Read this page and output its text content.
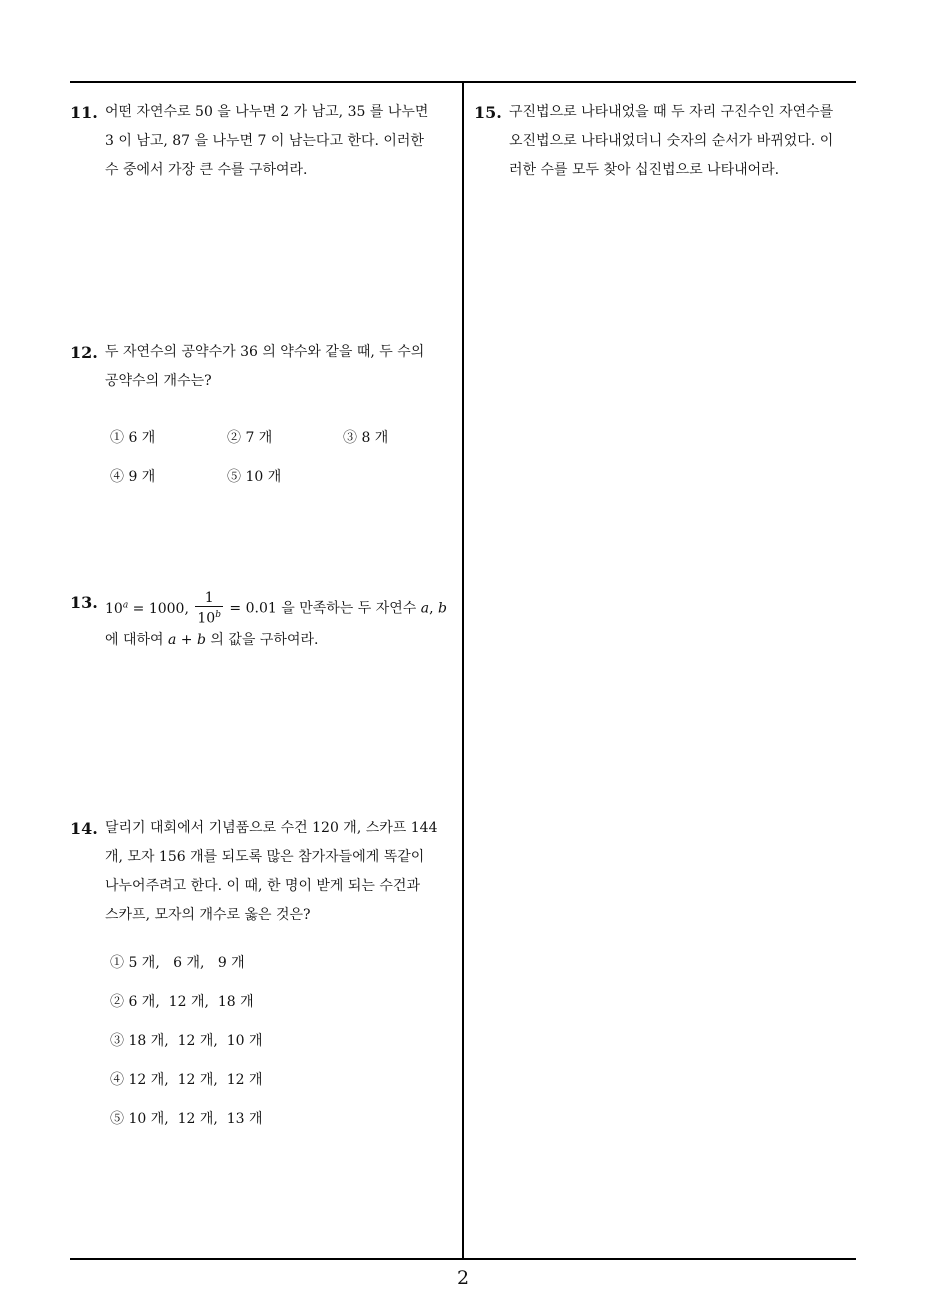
11. 어떤 자연수로 50 을 나누면 2 가 남고, 35 를 나누면
3 이 남고, 87 을 나누면 7 이 남는다고 한다. 이러한
수 중에서 가장 큰 수를 구하여라.
12. 두 자연수의 공약수가 36 의 약수와 같을 때, 두 수의
공약수의 개수는?
① 6 개	② 7 개	③ 8 개
④ 9 개	⑤ 10 개
13. $10^a = 1000$, $\frac{1}{10^b} = 0.01$ 을 만족하는 두 자연수 a, b
에 대하여 a + b 의 값을 구하여라.
14. 달리기 대회에서 기념품으로 수건 120 개, 스카프 144
개, 모자 156 개를 되도록 많은 참가자들에게 똑같이
나누어주려고 한다. 이 때, 한 명이 받게 되는 수건과
스카프, 모자의 개수로 옳은 것은?
① 5 개,   6 개,   9 개
② 6 개,  12 개,  18 개
③ 18 개,  12 개,  10 개
④ 12 개,  12 개,  12 개
⑤ 10 개,  12 개,  13 개
15. 구진법으로 나타내었을 때 두 자리 구진수인 자연수를
오진법으로 나타내었더니 숫자의 순서가 바뀌었다. 이
러한 수를 모두 찾아 십진법으로 나타내어라.
2
